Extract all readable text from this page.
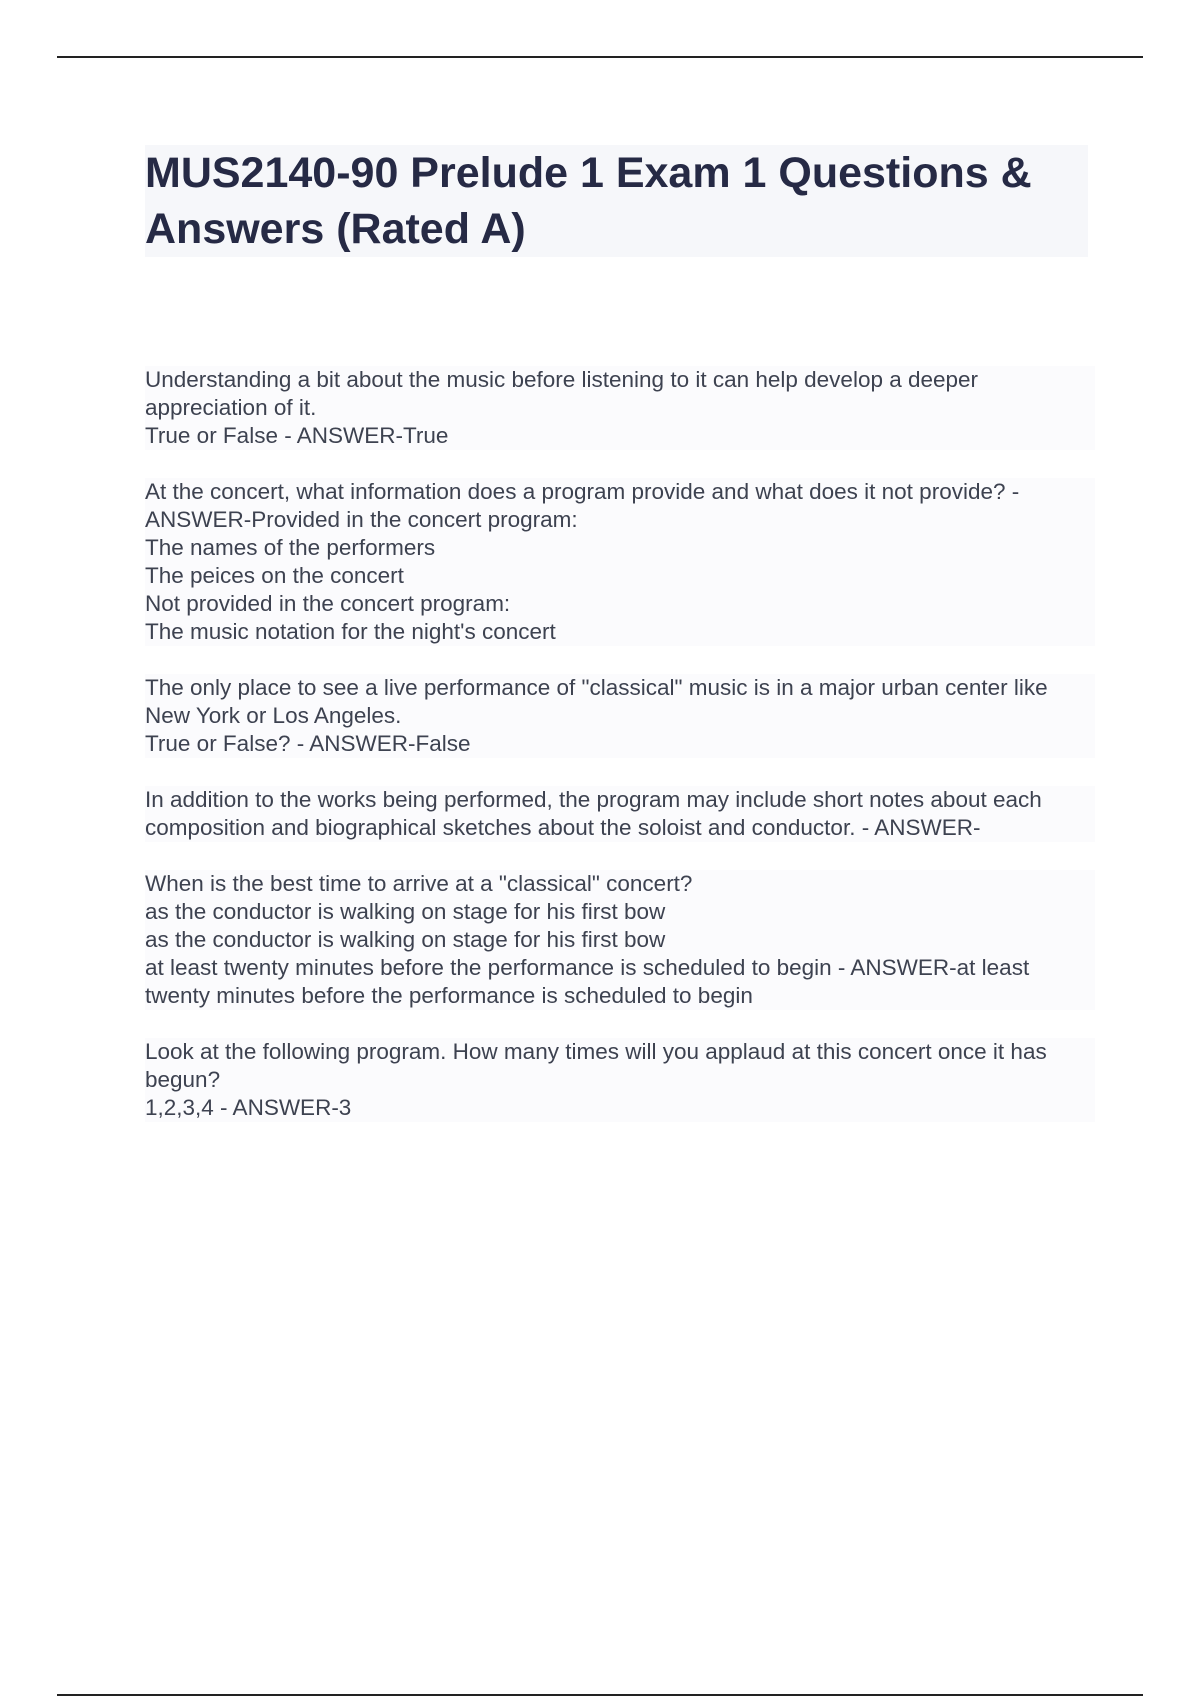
MUS2140-90 Prelude 1 Exam 1 Questions & Answers (Rated A)

Understanding a bit about the music before listening to it can help develop a deeper appreciation of it.
True or False - ANSWER-True

At the concert, what information does a program provide and what does it not provide? - ANSWER-Provided in the concert program:
The names of the performers
The peices on the concert
Not provided in the concert program:
The music notation for the night's concert

The only place to see a live performance of "classical" music is in a major urban center like New York or Los Angeles.
True or False? - ANSWER-False

In addition to the works being performed, the program may include short notes about each composition and biographical sketches about the soloist and conductor. - ANSWER-

When is the best time to arrive at a "classical" concert?
as the conductor is walking on stage for his first bow
as the conductor is walking on stage for his first bow
at least twenty minutes before the performance is scheduled to begin - ANSWER-at least twenty minutes before the performance is scheduled to begin

Look at the following program. How many times will you applaud at this concert once it has begun?
1,2,3,4 - ANSWER-3
